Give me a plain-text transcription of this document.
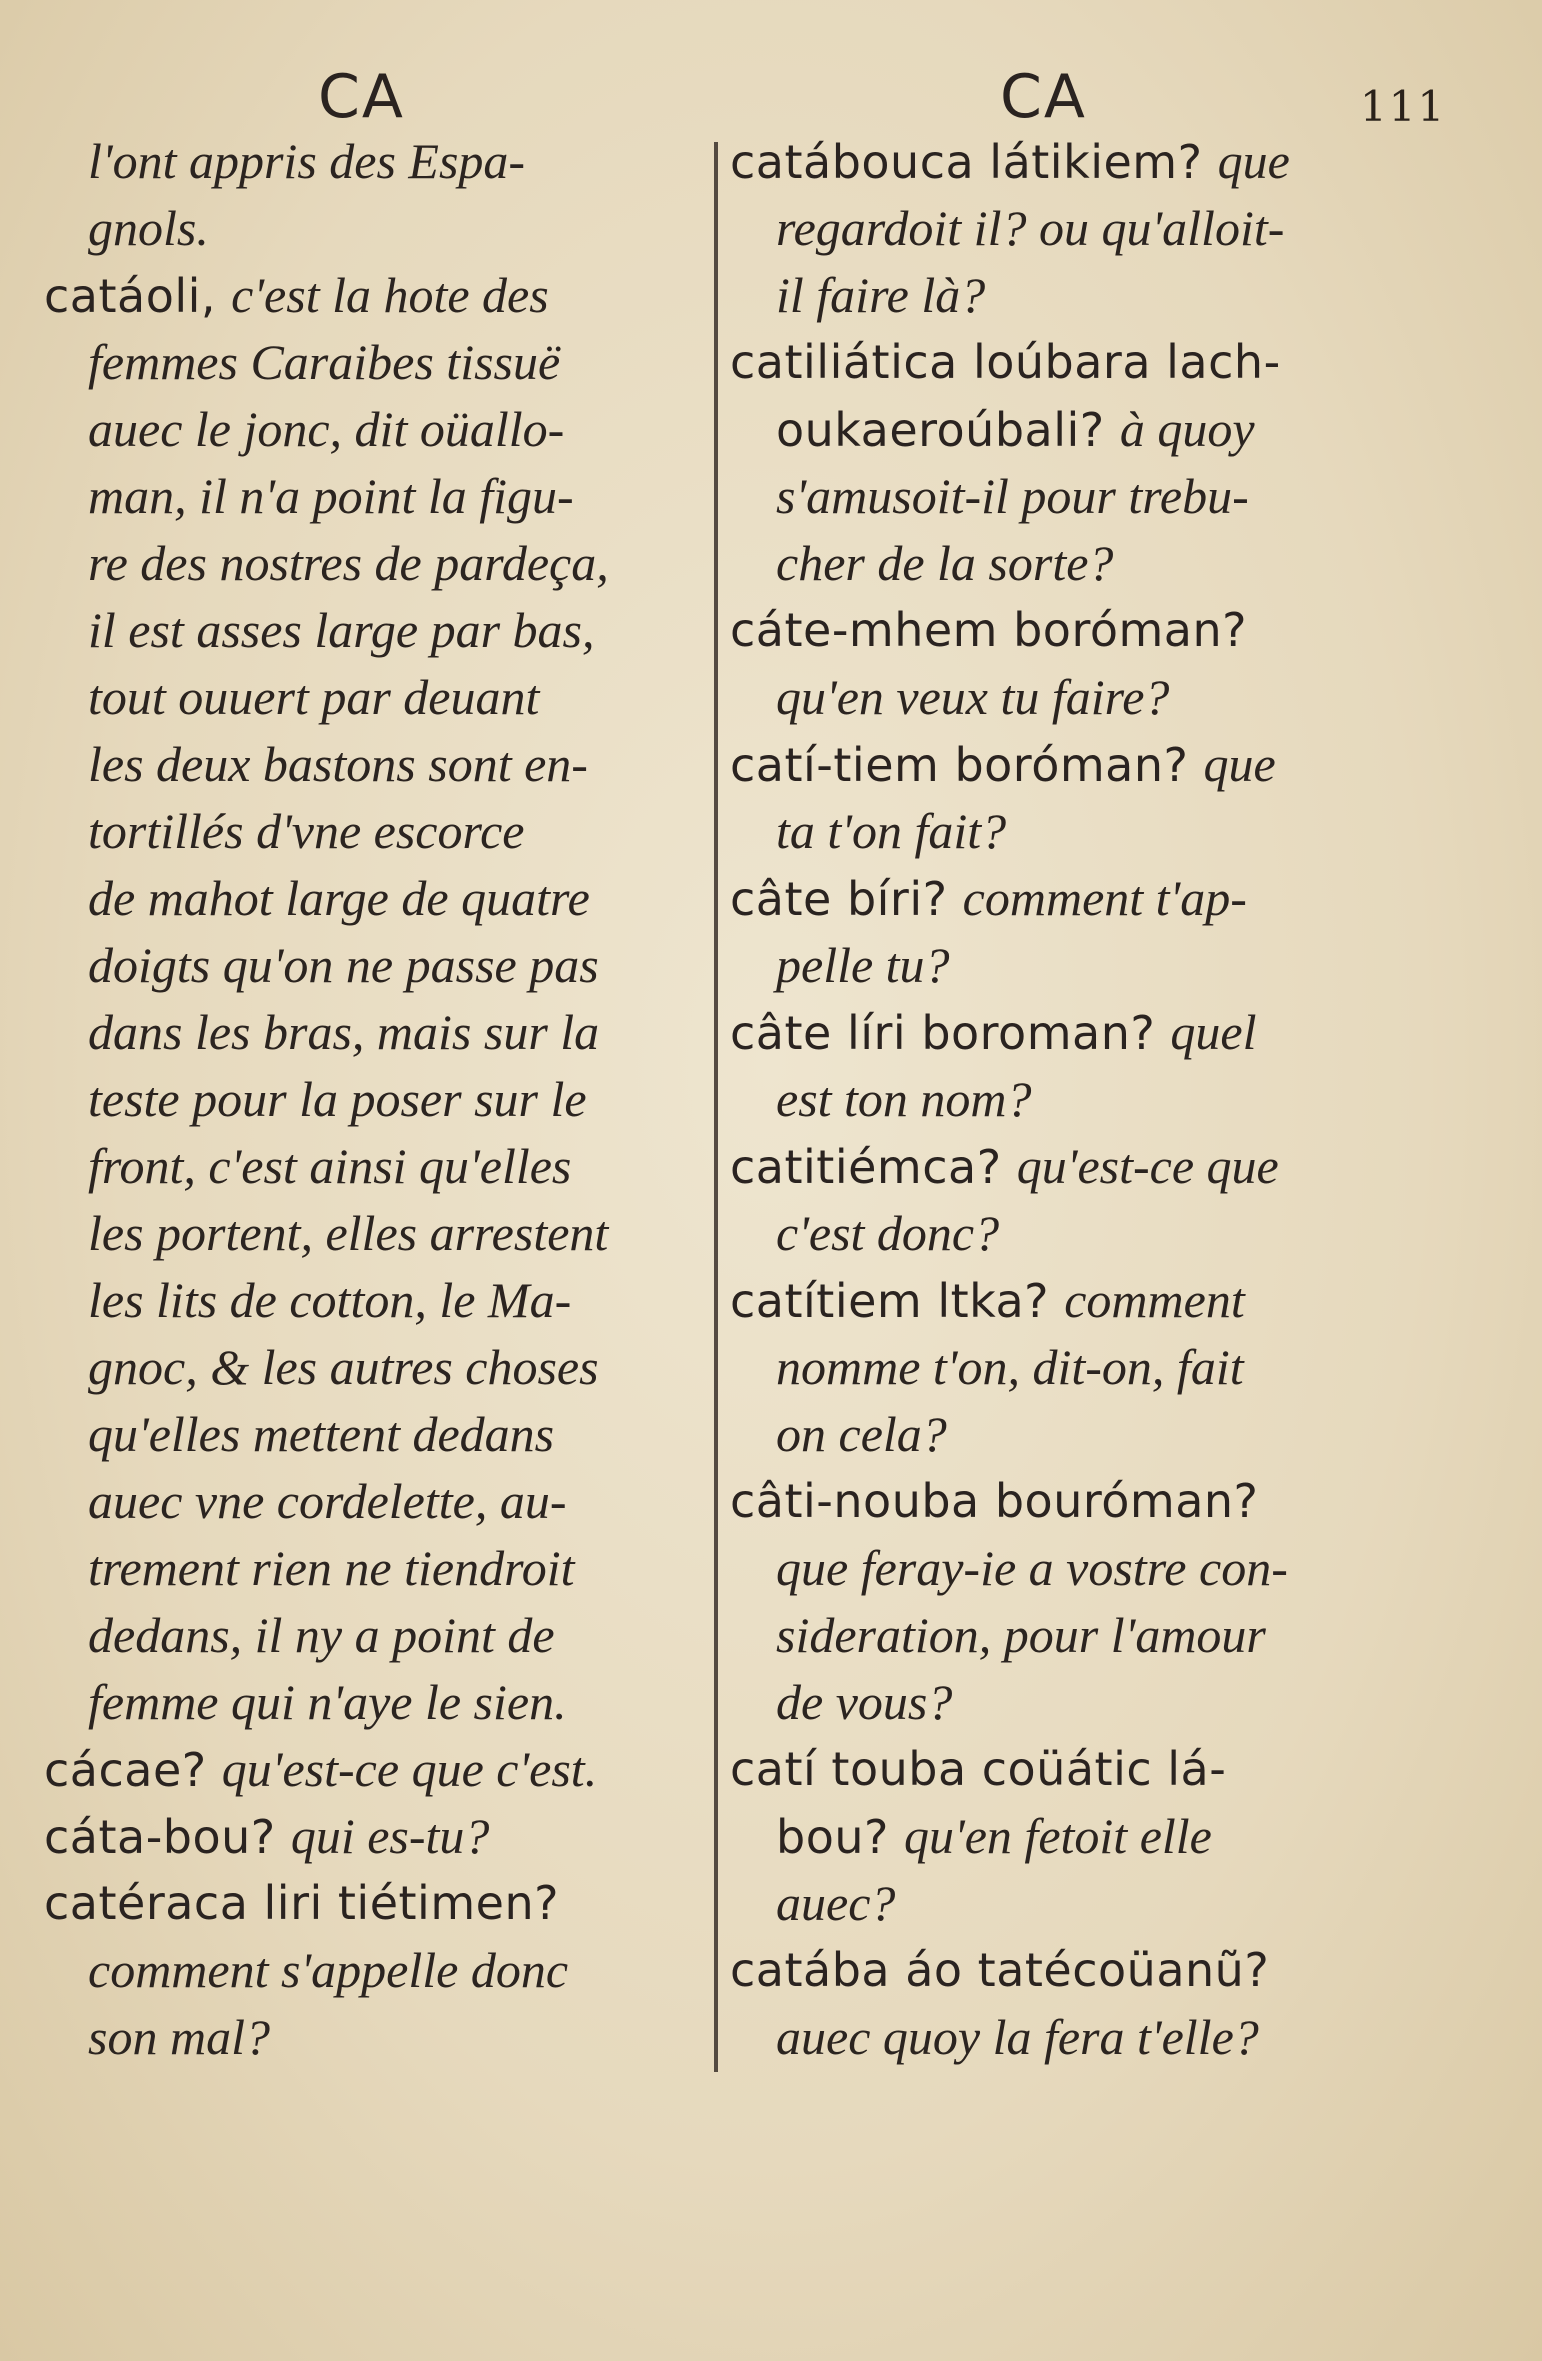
CA	CA	111
l'ont appris des Espa-
gnols.
catáoli, c'est la hote des
femmes Caraibes tissuë
auec le jonc, dit oüallo-
man, il n'a point la figu-
re des nostres de pardeça,
il est asses large par bas,
tout ouuert par deuant
les deux bastons sont en-
tortillés d'vne escorce
de mahot large de quatre
doigts qu'on ne passe pas
dans les bras, mais sur la
teste pour la poser sur le
front, c'est ainsi qu'elles
les portent, elles arrestent
les lits de cotton, le Ma-
gnoc, & les autres choses
qu'elles mettent dedans
auec vne cordelette, au-
trement rien ne tiendroit
dedans, il ny a point de
femme qui n'aye le sien.
cácae? qu'est-ce que c'est.
cáta-bou? qui es-tu?
catéraca liri tiétimen?
comment s'appelle donc
son mal?
catábouca látikiem? que
regardoit il? ou qu'alloit-
il faire là?
catiliática loúbara lach-
oukaeroúbali? à quoy
s'amusoit-il pour trebu-
cher de la sorte?
cáte-mhem boróman?
qu'en veux tu faire?
catí-tiem boróman? que
ta t'on fait?
câte bíri? comment t'ap-
pelle tu?
câte líri boroman? quel
est ton nom?
catitiémca? qu'est-ce que
c'est donc?
catítiem ltka? comment
nomme t'on, dit-on, fait
on cela?
câti-nouba bouróman?
que feray-ie a vostre con-
sideration, pour l'amour
de vous?
catí touba coüátic lá-
bou? qu'en fetoit elle
auec?
catába áo tatécoüanũ?
auec quoy la fera t'elle?
